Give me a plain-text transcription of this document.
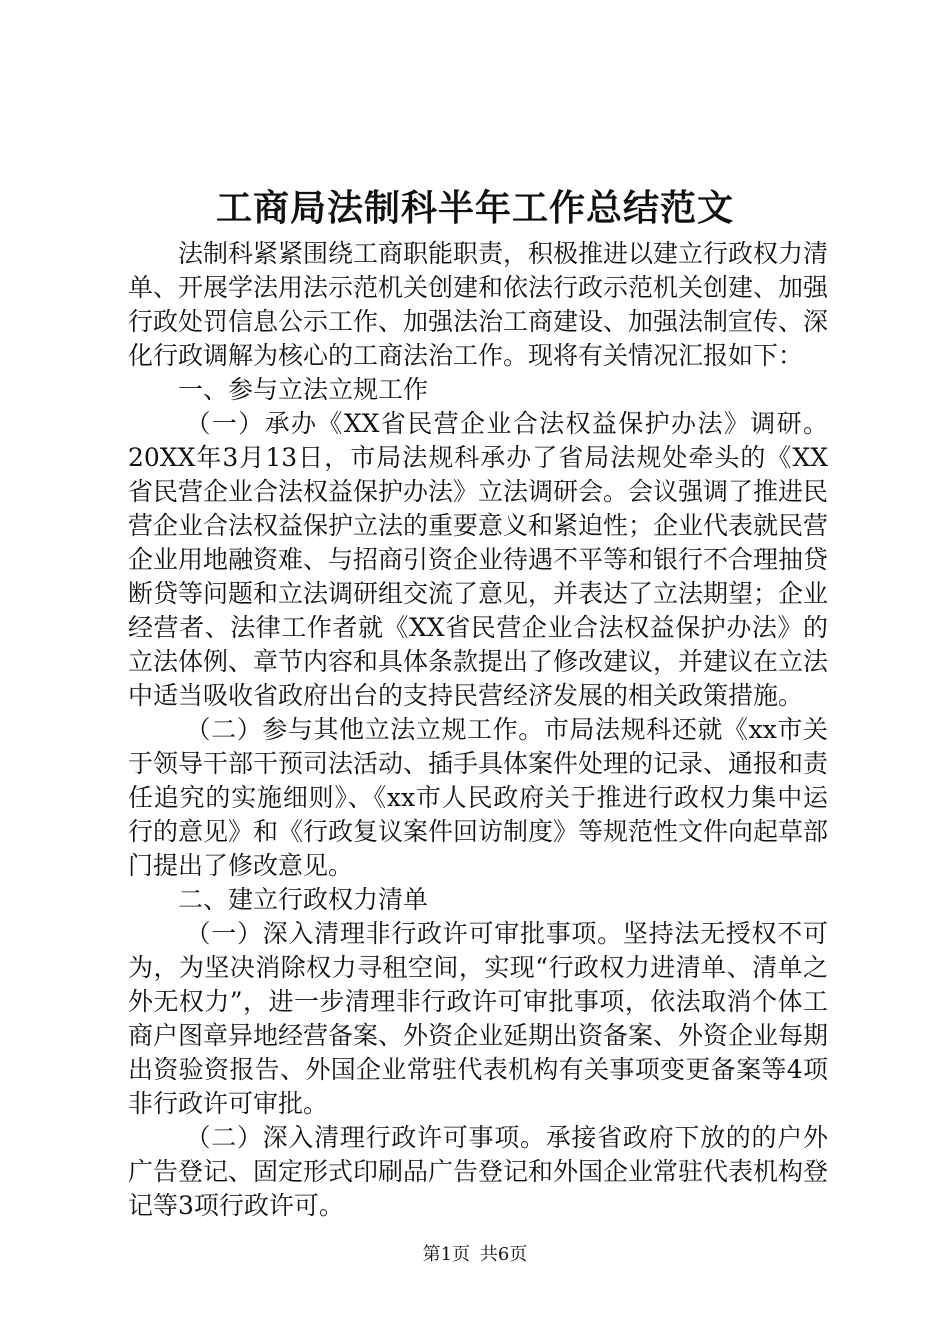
工商局法制科半年工作总结范文

法制科紧紧围绕工商职能职责，积极推进以建立行政权力清单、开展学法用法示范机关创建和依法行政示范机关创建、加强行政处罚信息公示工作、加强法治工商建设、加强法制宣传、深化行政调解为核心的工商法治工作。现将有关情况汇报如下：

一、参与立法立规工作

（一）承办《XX省民营企业合法权益保护办法》调研。20XX年3月13日，市局法规科承办了省局法规处牵头的《XX省民营企业合法权益保护办法》立法调研会。会议强调了推进民营企业合法权益保护立法的重要意义和紧迫性；企业代表就民营企业用地融资难、与招商引资企业待遇不平等和银行不合理抽贷断贷等问题和立法调研组交流了意见，并表达了立法期望；企业经营者、法律工作者就《XX省民营企业合法权益保护办法》的立法体例、章节内容和具体条款提出了修改建议，并建议在立法中适当吸收省政府出台的支持民营经济发展的相关政策措施。

（二）参与其他立法立规工作。市局法规科还就《xx市关于领导干部干预司法活动、插手具体案件处理的记录、通报和责任追究的实施细则》、《xx市人民政府关于推进行政权力集中运行的意见》和《行政复议案件回访制度》等规范性文件向起草部门提出了修改意见。

二、建立行政权力清单

（一）深入清理非行政许可审批事项。坚持法无授权不可为，为坚决消除权力寻租空间，实现“行政权力进清单、清单之外无权力”，进一步清理非行政许可审批事项，依法取消个体工商户图章异地经营备案、外资企业延期出资备案、外资企业每期出资验资报告、外国企业常驻代表机构有关事项变更备案等4项非行政许可审批。

（二）深入清理行政许可事项。承接省政府下放的的户外广告登记、固定形式印刷品广告登记和外国企业常驻代表机构登记等3项行政许可。

第1页 共6页
